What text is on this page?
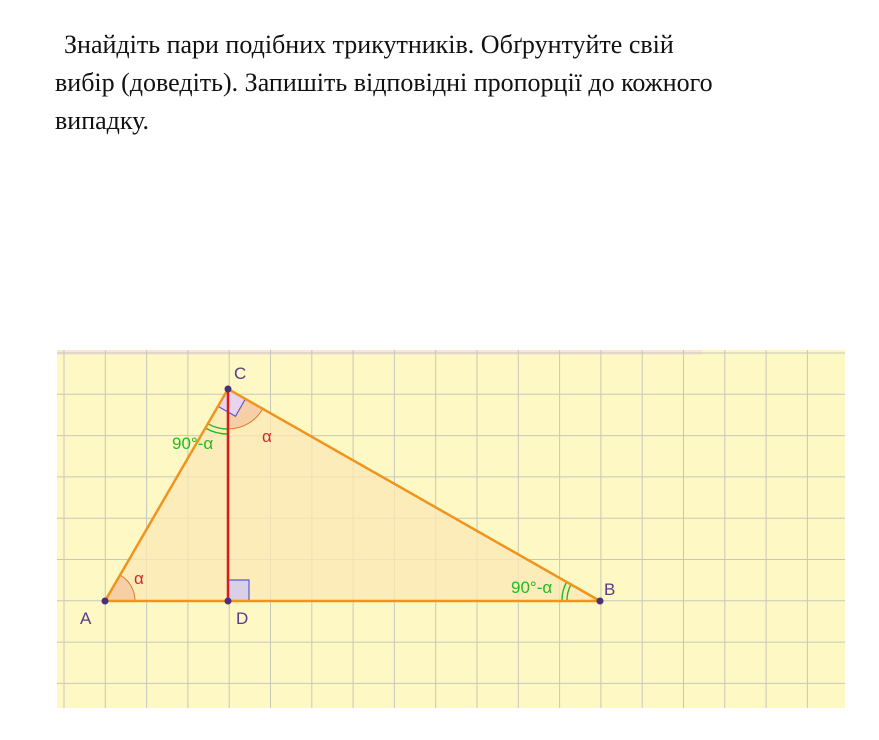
Знайдіть пари подібних трикутників. Обґрунтуйте свій
вибір (доведіть). Запишіть відповідні пропорції до кожного
випадку.
A
B
C
D
α
α
90°-α
90°-α
